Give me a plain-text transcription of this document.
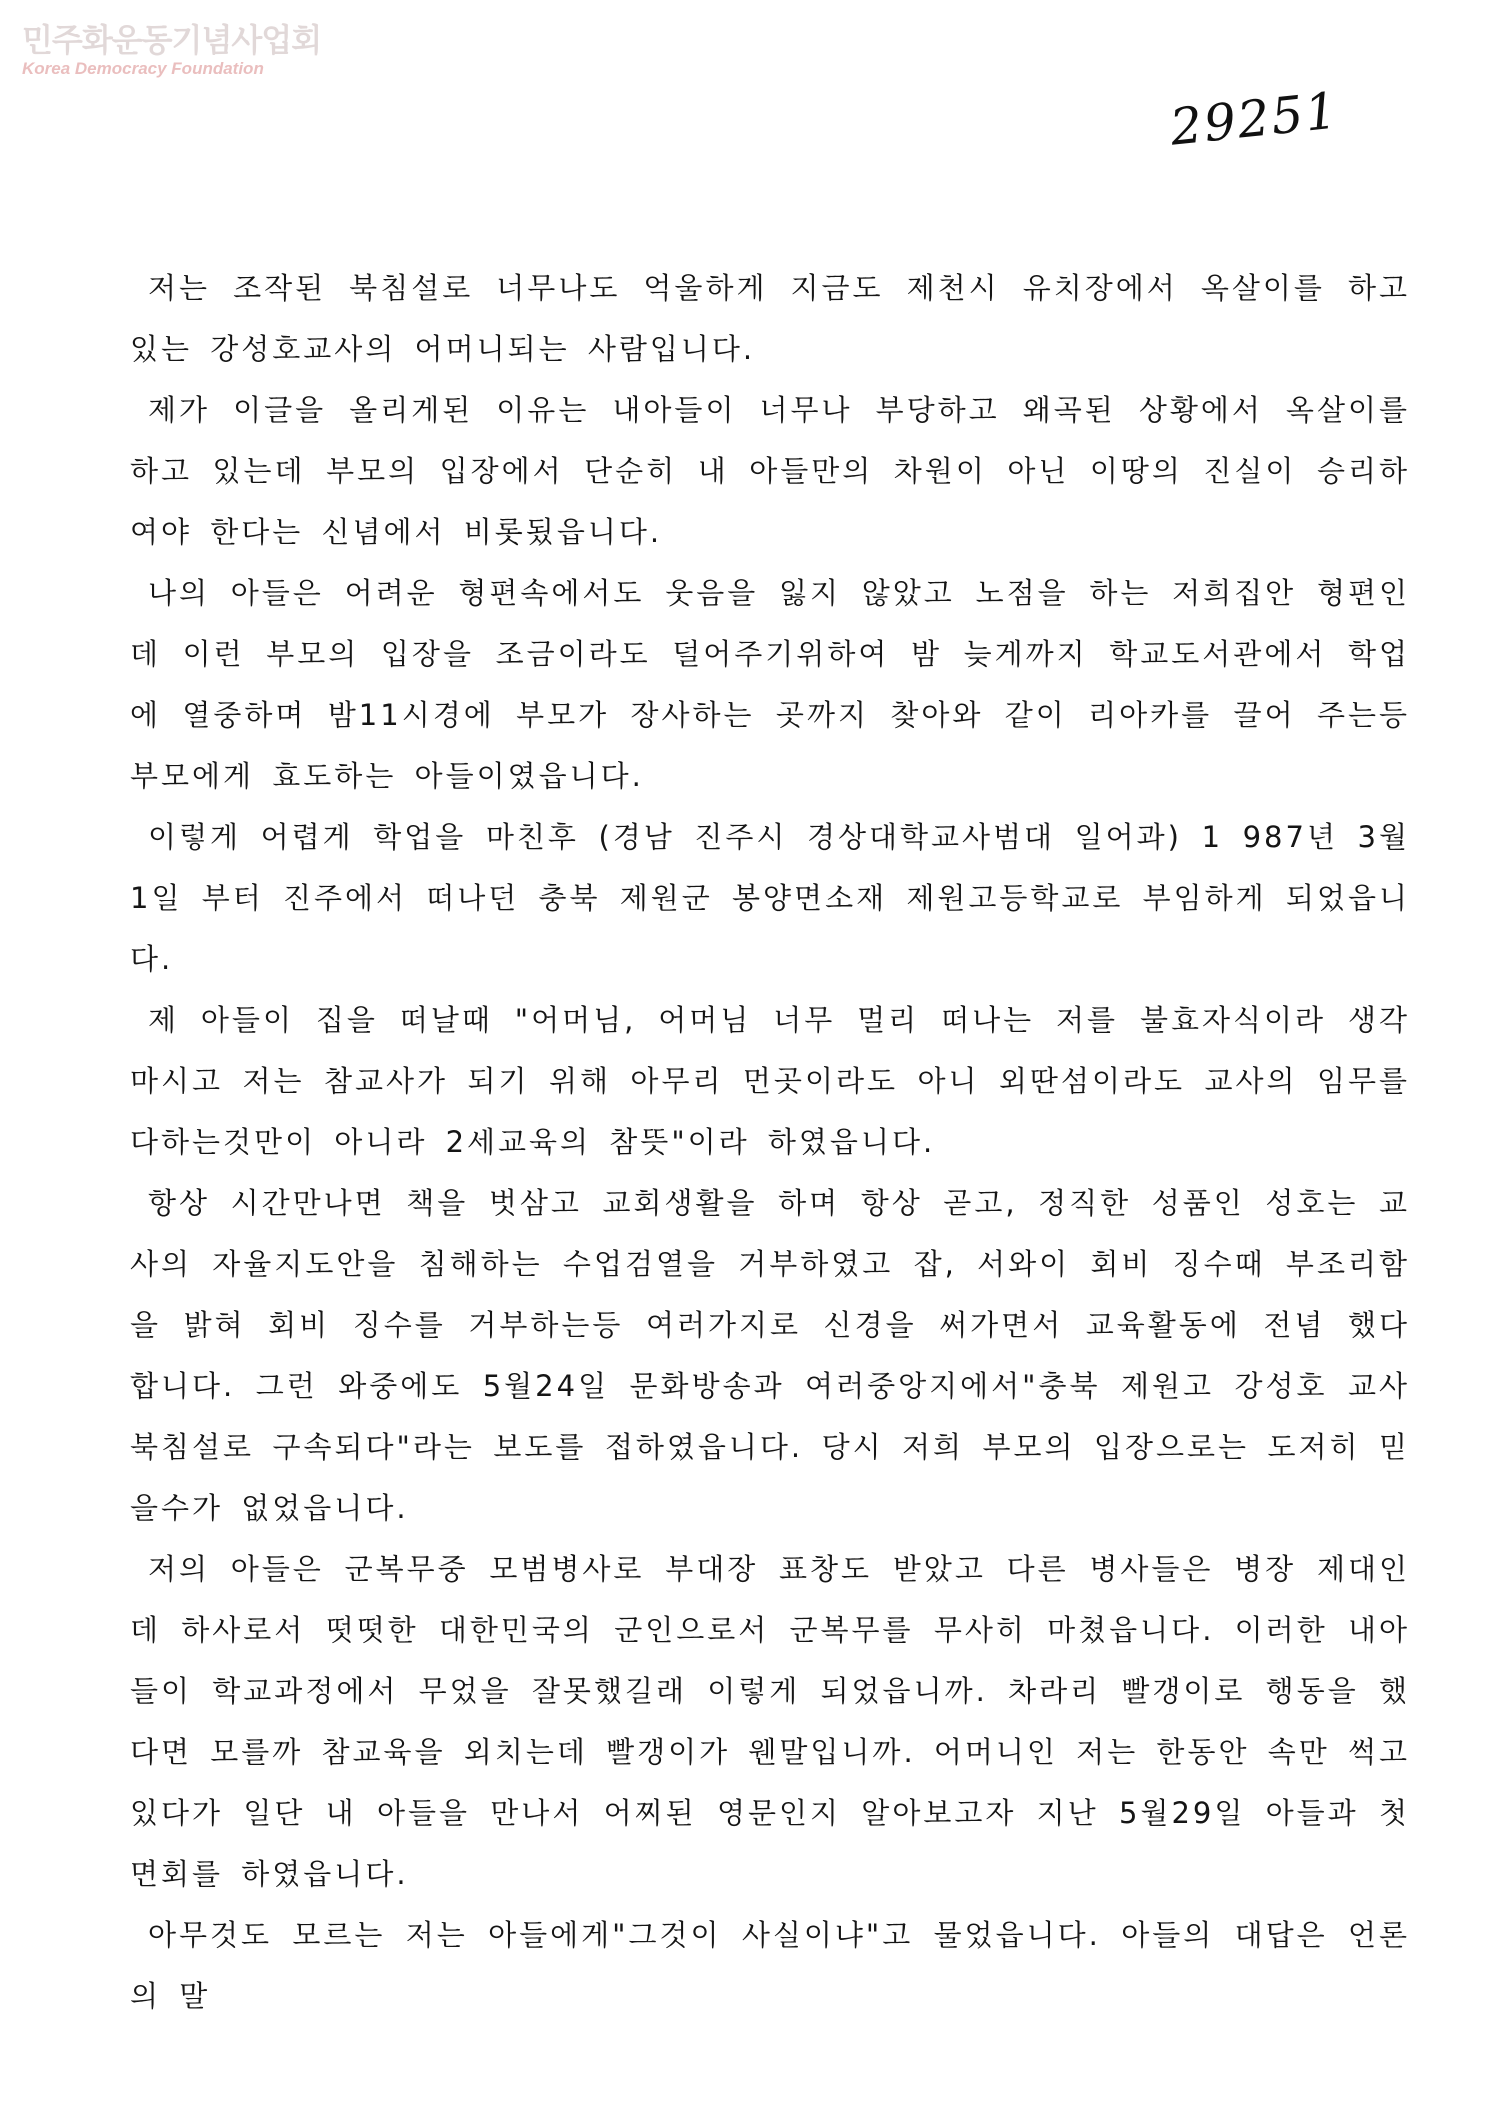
민주화운동기념사업회
Korea Democracy Foundation
29251

저는 조작된 북침설로 너무나도 억울하게 지금도 제천시 유치장에서 옥살이를 하고 있는 강성호교사의 어머니되는 사람입니다.

제가 이글을 올리게된 이유는 내아들이 너무나 부당하고 왜곡된 상황에서 옥살이를 하고 있는데 부모의 입장에서 단순히 내 아들만의 차원이 아닌 이땅의 진실이 승리하여야 한다는 신념에서 비롯됬읍니다.

나의 아들은 어려운 형편속에서도 웃음을 잃지 않았고 노점을 하는 저희집안 형편인데 이런 부모의 입장을 조금이라도 덜어주기위하여 밤 늦게까지 학교도서관에서 학업에 열중하며 밤11시경에 부모가 장사하는 곳까지 찾아와 같이 리아카를 끌어 주는등 부모에게 효도하는 아들이였읍니다.

이렇게 어렵게 학업을 마친후 (경남 진주시 경상대학교사범대 일어과) 1 987년 3월1일 부터 진주에서 떠나던 충북 제원군 봉양면소재 제원고등학교로 부임하게 되었읍니다.

제 아들이 집을 떠날때 "어머님, 어머님 너무 멀리 떠나는 저를 불효자식이라 생각 마시고 저는 참교사가 되기 위해 아무리 먼곳이라도 아니 외딴섬이라도 교사의 임무를 다하는것만이 아니라 2세교육의 참뜻"이라 하였읍니다.

항상 시간만나면 책을 벗삼고 교회생활을 하며 항상 곧고, 정직한 성품인 성호는 교사의 자율지도안을 침해하는 수업검열을 거부하였고 잡, 서와이 회비 징수때 부조리함을 밝혀 회비 징수를 거부하는등 여러가지로 신경을 써가면서 교육활동에 전념 했다 합니다. 그런 와중에도 5월24일 문화방송과 여러중앙지에서"충북 제원고 강성호 교사 북침설로 구속되다"라는 보도를 접하였읍니다. 당시 저희 부모의 입장으로는 도저히 믿을수가 없었읍니다.

저의 아들은 군복무중 모범병사로 부대장 표창도 받았고 다른 병사들은 병장 제대인데 하사로서 떳떳한 대한민국의 군인으로서 군복무를 무사히 마쳤읍니다. 이러한 내아들이 학교과정에서 무었을 잘못했길래 이렇게 되었읍니까. 차라리 빨갱이로 행동을 했다면 모를까 참교육을 외치는데 빨갱이가 웬말입니까. 어머니인 저는 한동안 속만 썩고 있다가 일단 내 아들을 만나서 어찌된 영문인지 알아보고자 지난 5월29일 아들과 첫면회를 하였읍니다.

아무것도 모르는 저는 아들에게"그것이 사실이냐"고 물었읍니다. 아들의 대답은 언론의 말
